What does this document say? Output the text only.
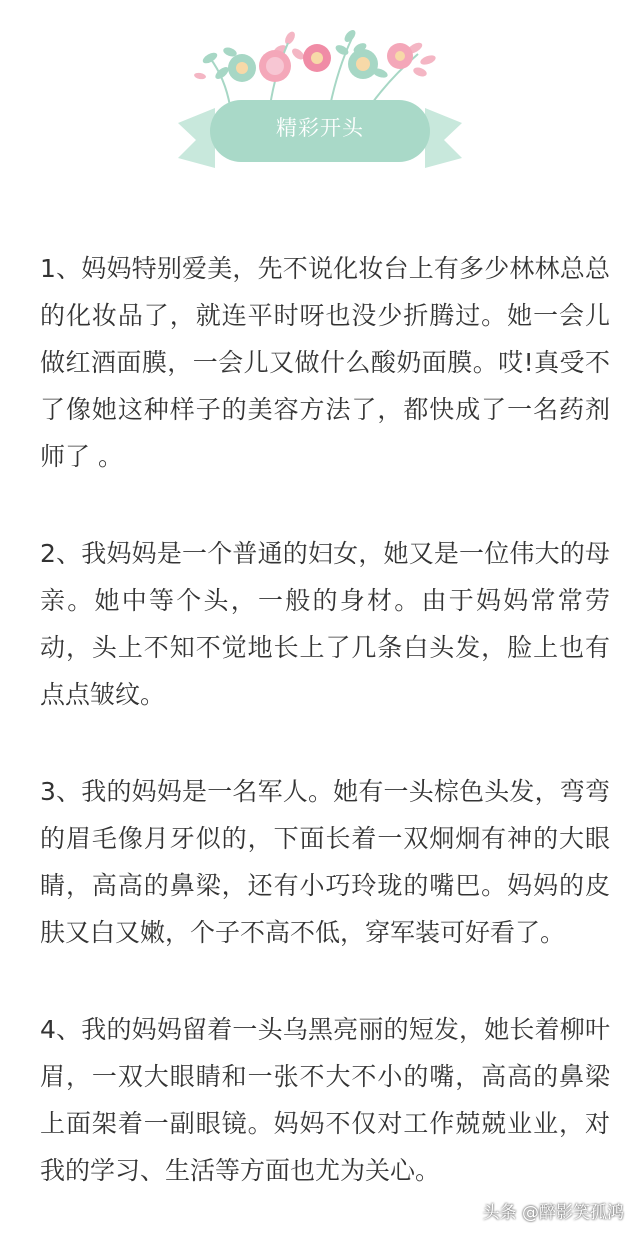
精彩开头

1、妈妈特别爱美，先不说化妆台上有多少林林总总的化妆品了，就连平时呀也没少折腾过。她一会儿做红酒面膜，一会儿又做什么酸奶面膜。哎!真受不了像她这种样子的美容方法了，都快成了一名药剂师了 。

2、我妈妈是一个普通的妇女，她又是一位伟大的母亲。她中等个头，一般的身材。由于妈妈常常劳动，头上不知不觉地长上了几条白头发，脸上也有点点皱纹。

3、我的妈妈是一名军人。她有一头棕色头发，弯弯的眉毛像月牙似的，下面长着一双炯炯有神的大眼睛，高高的鼻梁，还有小巧玲珑的嘴巴。妈妈的皮肤又白又嫩，个子不高不低，穿军装可好看了。

4、我的妈妈留着一头乌黑亮丽的短发，她长着柳叶眉，一双大眼睛和一张不大不小的嘴，高高的鼻梁上面架着一副眼镜。妈妈不仅对工作兢兢业业，对我的学习、生活等方面也尤为关心。

头条 @醉影笑孤鸿
